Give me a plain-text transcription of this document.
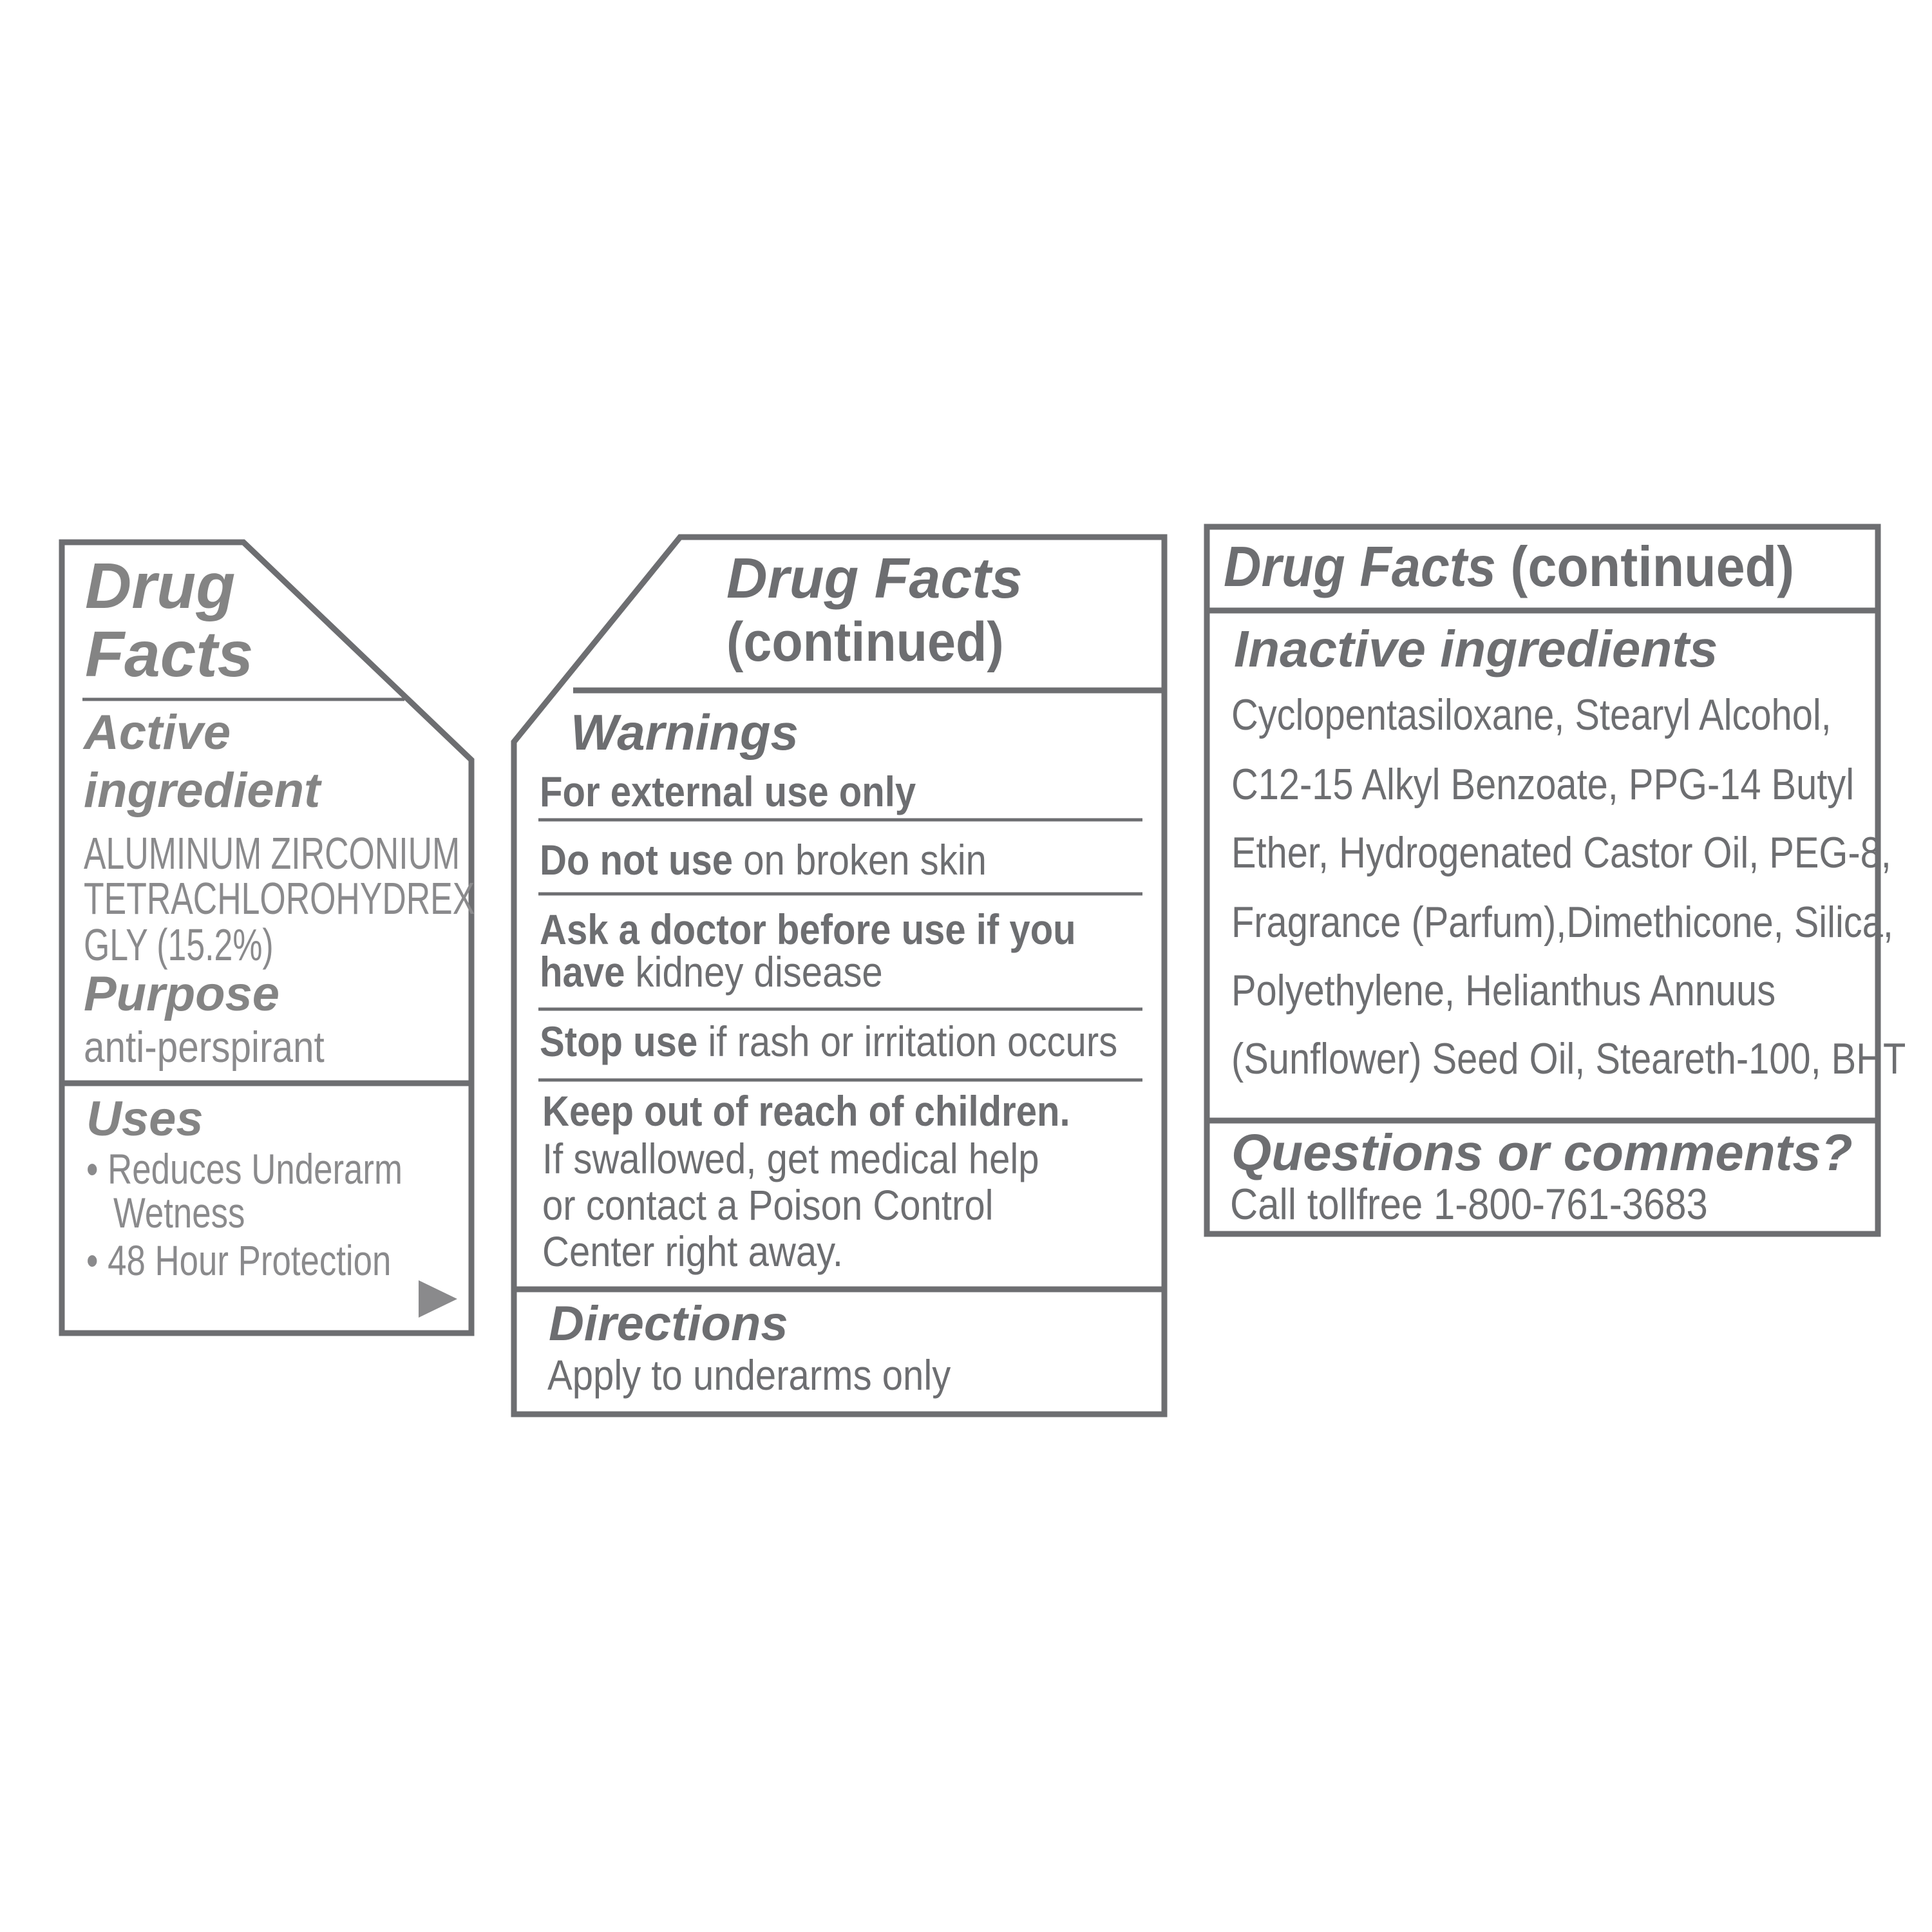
Drug
Facts
Active
ingredient
ALUMINUM ZIRCONIUM
TETRACHLOROHYDREX
GLY (15.2%)
Purpose
anti-perspirant
Uses
• Reduces Underarm
Wetness
• 48 Hour Protection
Drug Facts
(continued)
Warnings
For external use only
Do not use on broken skin
Ask a doctor before use if you
have kidney disease
Stop use if rash or irritation occurs
Keep out of reach of children.
If swallowed, get medical help
or contact a Poison Control
Center right away.
Directions
Apply to underarms only
Drug Facts (continued)
Inactive ingredients
Cyclopentasiloxane, Stearyl Alcohol,
C12-15 Alkyl Benzoate, PPG-14 Butyl
Ether, Hydrogenated Castor Oil, PEG-8,
Fragrance (Parfum),Dimethicone, Silica,
Polyethylene, Helianthus Annuus
(Sunflower) Seed Oil, Steareth-100, BHT
Questions or comments?
Call tollfree 1-800-761-3683
